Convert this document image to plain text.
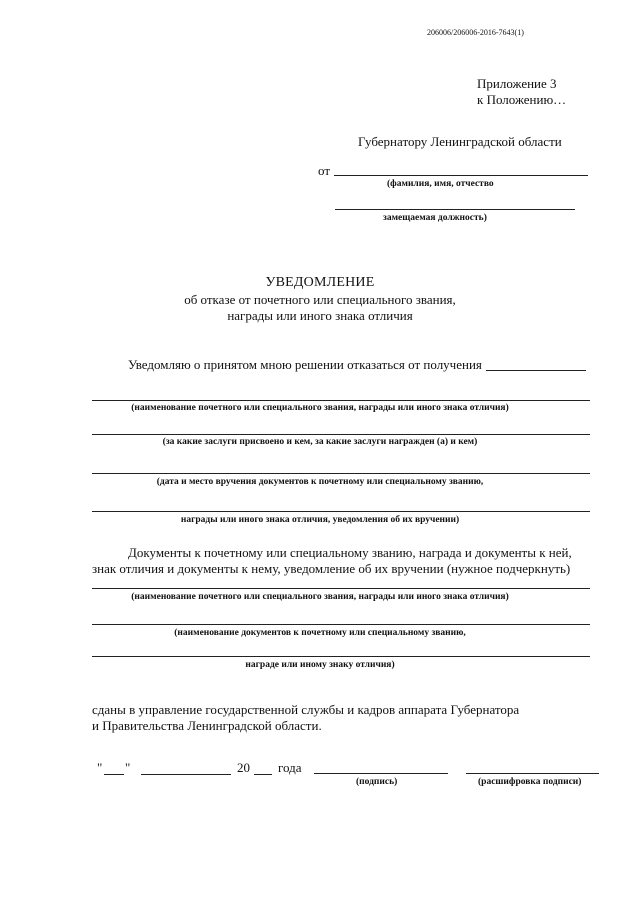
206006/206006-2016-7643(1)
Приложение 3
к Положению…
Губернатору Ленинградской области
от
(фамилия, имя, отчество
замещаемая должность)
УВЕДОМЛЕНИЕ
об отказе от почетного или специального звания,
награды или иного знака отличия
Уведомляю о принятом мною решении отказаться от получения
(наименование почетного или специального звания, награды или иного знака отличия)
(за какие заслуги присвоено и кем, за какие заслуги награжден (а) и кем)
(дата и место вручения документов к почетному или специальному званию,
награды или иного знака отличия, уведомления об их вручении)
Документы к почетному или специальному званию, награда и документы к ней,
знак отличия и документы к нему, уведомление об их вручении (нужное подчеркнуть)
(наименование почетного или специального звания, награды или иного знака отличия)
(наименование документов к почетному или специальному званию,
награде или иному знаку отличия)
сданы в управление государственной службы и кадров аппарата Губернатора
и Правительства Ленинградской области.
" "	20 года
(подпись)	(расшифровка подписи)
